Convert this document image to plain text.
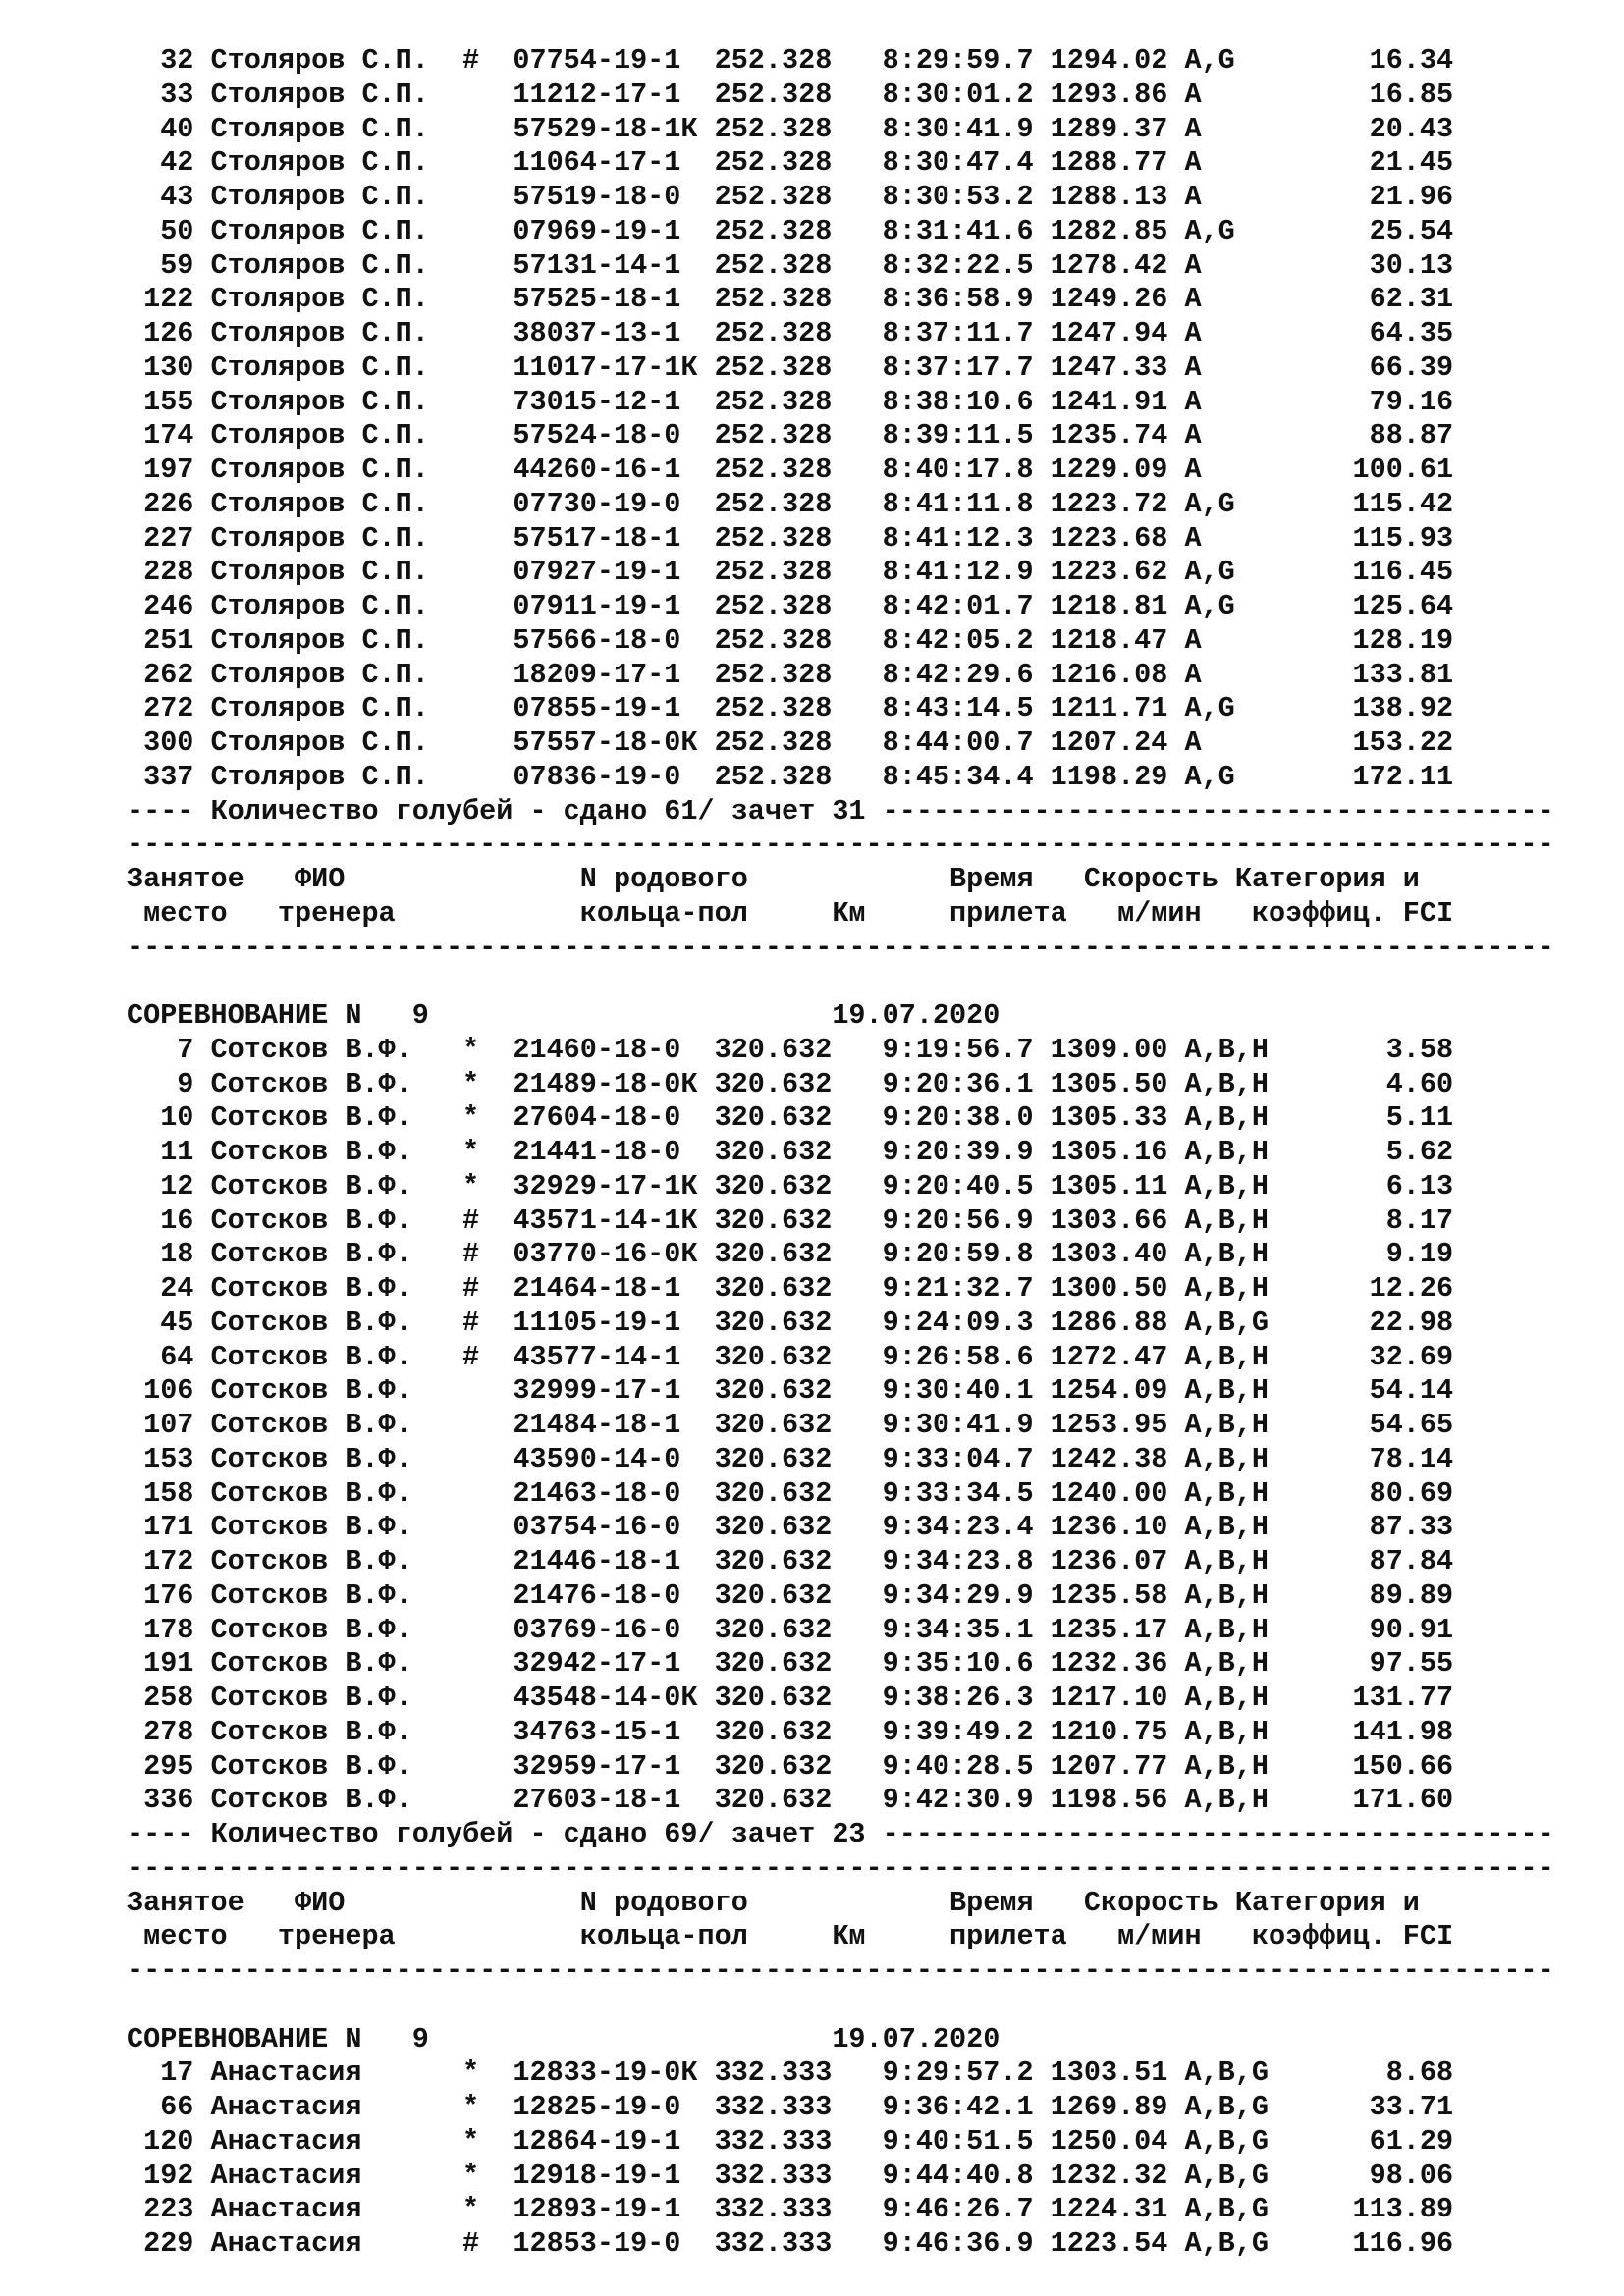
32 Столяров С.П.  #  07754-19-1  252.328   8:29:59.7 1294.02 A,G        16.34
33 Столяров С.П.     11212-17-1  252.328   8:30:01.2 1293.86 A          16.85
40 Столяров С.П.     57529-18-1К 252.328   8:30:41.9 1289.37 A          20.43
42 Столяров С.П.     11064-17-1  252.328   8:30:47.4 1288.77 A          21.45
43 Столяров С.П.     57519-18-0  252.328   8:30:53.2 1288.13 A          21.96
50 Столяров С.П.     07969-19-1  252.328   8:31:41.6 1282.85 A,G        25.54
59 Столяров С.П.     57131-14-1  252.328   8:32:22.5 1278.42 A          30.13
122 Столяров С.П.     57525-18-1  252.328   8:36:58.9 1249.26 A          62.31
126 Столяров С.П.     38037-13-1  252.328   8:37:11.7 1247.94 A          64.35
130 Столяров С.П.     11017-17-1К 252.328   8:37:17.7 1247.33 A          66.39
155 Столяров С.П.     73015-12-1  252.328   8:38:10.6 1241.91 A          79.16
174 Столяров С.П.     57524-18-0  252.328   8:39:11.5 1235.74 A          88.87
197 Столяров С.П.     44260-16-1  252.328   8:40:17.8 1229.09 A         100.61
226 Столяров С.П.     07730-19-0  252.328   8:41:11.8 1223.72 A,G       115.42
227 Столяров С.П.     57517-18-1  252.328   8:41:12.3 1223.68 A         115.93
228 Столяров С.П.     07927-19-1  252.328   8:41:12.9 1223.62 A,G       116.45
246 Столяров С.П.     07911-19-1  252.328   8:42:01.7 1218.81 A,G       125.64
251 Столяров С.П.     57566-18-0  252.328   8:42:05.2 1218.47 A         128.19
262 Столяров С.П.     18209-17-1  252.328   8:42:29.6 1216.08 A         133.81
272 Столяров С.П.     07855-19-1  252.328   8:43:14.5 1211.71 A,G       138.92
300 Столяров С.П.     57557-18-0К 252.328   8:44:00.7 1207.24 A         153.22
337 Столяров С.П.     07836-19-0  252.328   8:45:34.4 1198.29 A,G       172.11
---- Количество голубей - сдано 61/ зачет 31 ----------------------------------------
-------------------------------------------------------------------------------------
Занятое   ФИО              N родового            Время   Скорость Категория и
место   тренера           кольца-пол     Км     прилета   м/мин   коэффиц. FCI
-------------------------------------------------------------------------------------
СОРЕВНОВАНИЕ N   9                        19.07.2020
7 Сотсков В.Ф.   *  21460-18-0  320.632   9:19:56.7 1309.00 A,B,H       3.58
9 Сотсков В.Ф.   *  21489-18-0К 320.632   9:20:36.1 1305.50 A,B,H       4.60
10 Сотсков В.Ф.   *  27604-18-0  320.632   9:20:38.0 1305.33 A,B,H       5.11
11 Сотсков В.Ф.   *  21441-18-0  320.632   9:20:39.9 1305.16 A,B,H       5.62
12 Сотсков В.Ф.   *  32929-17-1К 320.632   9:20:40.5 1305.11 A,B,H       6.13
16 Сотсков В.Ф.   #  43571-14-1К 320.632   9:20:56.9 1303.66 A,B,H       8.17
18 Сотсков В.Ф.   #  03770-16-0К 320.632   9:20:59.8 1303.40 A,B,H       9.19
24 Сотсков В.Ф.   #  21464-18-1  320.632   9:21:32.7 1300.50 A,B,H      12.26
45 Сотсков В.Ф.   #  11105-19-1  320.632   9:24:09.3 1286.88 A,B,G      22.98
64 Сотсков В.Ф.   #  43577-14-1  320.632   9:26:58.6 1272.47 A,B,H      32.69
106 Сотсков В.Ф.      32999-17-1  320.632   9:30:40.1 1254.09 A,B,H      54.14
107 Сотсков В.Ф.      21484-18-1  320.632   9:30:41.9 1253.95 A,B,H      54.65
153 Сотсков В.Ф.      43590-14-0  320.632   9:33:04.7 1242.38 A,B,H      78.14
158 Сотсков В.Ф.      21463-18-0  320.632   9:33:34.5 1240.00 A,B,H      80.69
171 Сотсков В.Ф.      03754-16-0  320.632   9:34:23.4 1236.10 A,B,H      87.33
172 Сотсков В.Ф.      21446-18-1  320.632   9:34:23.8 1236.07 A,B,H      87.84
176 Сотсков В.Ф.      21476-18-0  320.632   9:34:29.9 1235.58 A,B,H      89.89
178 Сотсков В.Ф.      03769-16-0  320.632   9:34:35.1 1235.17 A,B,H      90.91
191 Сотсков В.Ф.      32942-17-1  320.632   9:35:10.6 1232.36 A,B,H      97.55
258 Сотсков В.Ф.      43548-14-0К 320.632   9:38:26.3 1217.10 A,B,H     131.77
278 Сотсков В.Ф.      34763-15-1  320.632   9:39:49.2 1210.75 A,B,H     141.98
295 Сотсков В.Ф.      32959-17-1  320.632   9:40:28.5 1207.77 A,B,H     150.66
336 Сотсков В.Ф.      27603-18-1  320.632   9:42:30.9 1198.56 A,B,H     171.60
---- Количество голубей - сдано 69/ зачет 23 ----------------------------------------
-------------------------------------------------------------------------------------
Занятое   ФИО              N родового            Время   Скорость Категория и
место   тренера           кольца-пол     Км     прилета   м/мин   коэффиц. FCI
-------------------------------------------------------------------------------------
СОРЕВНОВАНИЕ N   9                        19.07.2020
17 Анастасия      *  12833-19-0К 332.333   9:29:57.2 1303.51 A,B,G       8.68
66 Анастасия      *  12825-19-0  332.333   9:36:42.1 1269.89 A,B,G      33.71
120 Анастасия      *  12864-19-1  332.333   9:40:51.5 1250.04 A,B,G      61.29
192 Анастасия      *  12918-19-1  332.333   9:44:40.8 1232.32 A,B,G      98.06
223 Анастасия      *  12893-19-1  332.333   9:46:26.7 1224.31 A,B,G     113.89
229 Анастасия      #  12853-19-0  332.333   9:46:36.9 1223.54 A,B,G     116.96
